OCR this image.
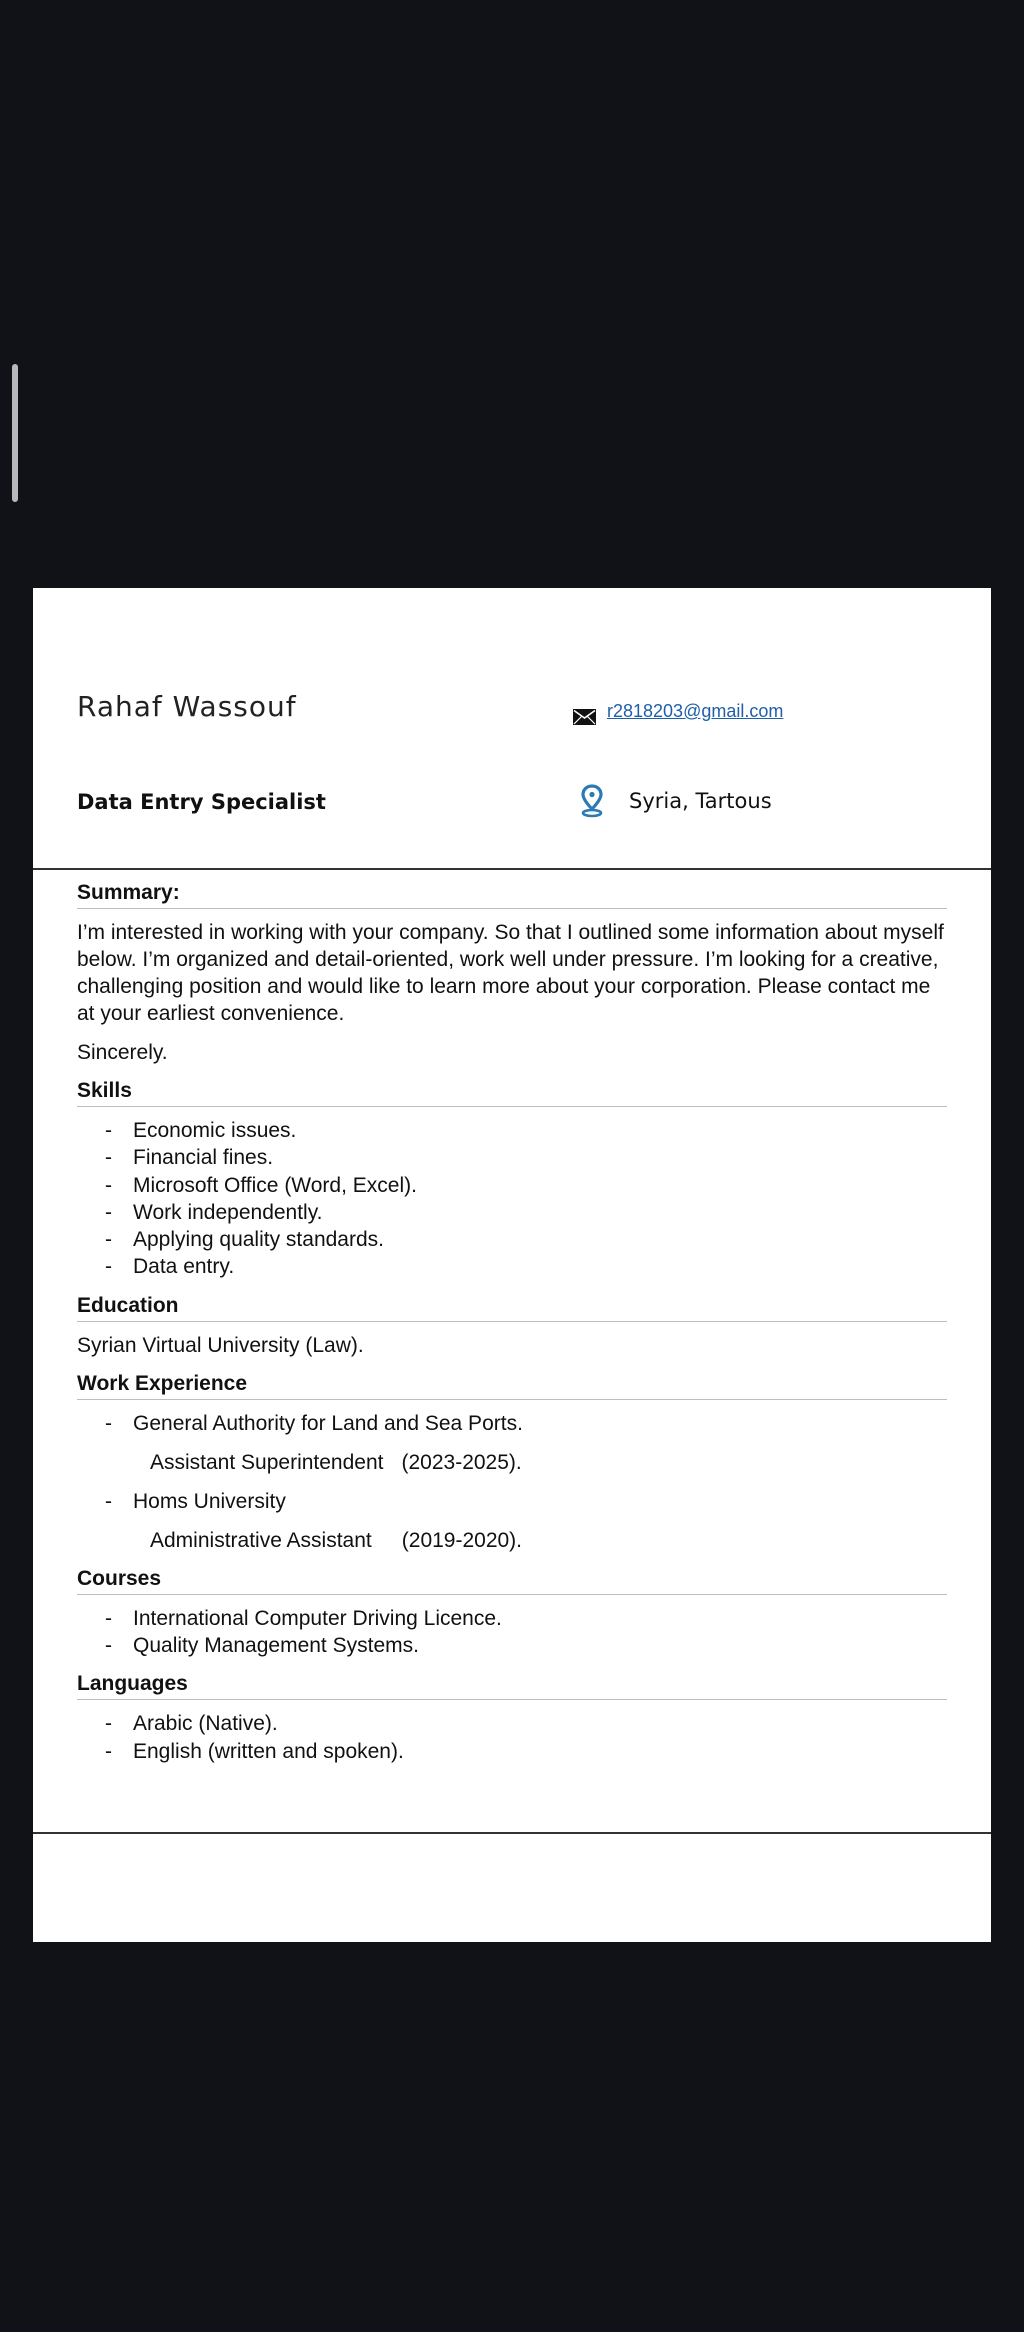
Rahaf Wassouf	r2818203@gmail.com
Data Entry Specialist	Syria, Tartous
Summary:
I’m interested in working with your company. So that I outlined some information about myself below. I’m organized and detail-oriented, work well under pressure. I’m looking for a creative, challenging position and would like to learn more about your corporation. Please contact me at your earliest convenience.
Sincerely.
Skills
- Economic issues.
- Financial fines.
- Microsoft Office (Word, Excel).
- Work independently.
- Applying quality standards.
- Data entry.
Education
Syrian Virtual University (Law).
Work Experience
- General Authority for Land and Sea Ports.
Assistant Superintendent (2023-2025).
- Homs University
Administrative Assistant (2019-2020).
Courses
- International Computer Driving Licence.
- Quality Management Systems.
Languages
- Arabic (Native).
- English (written and spoken).
